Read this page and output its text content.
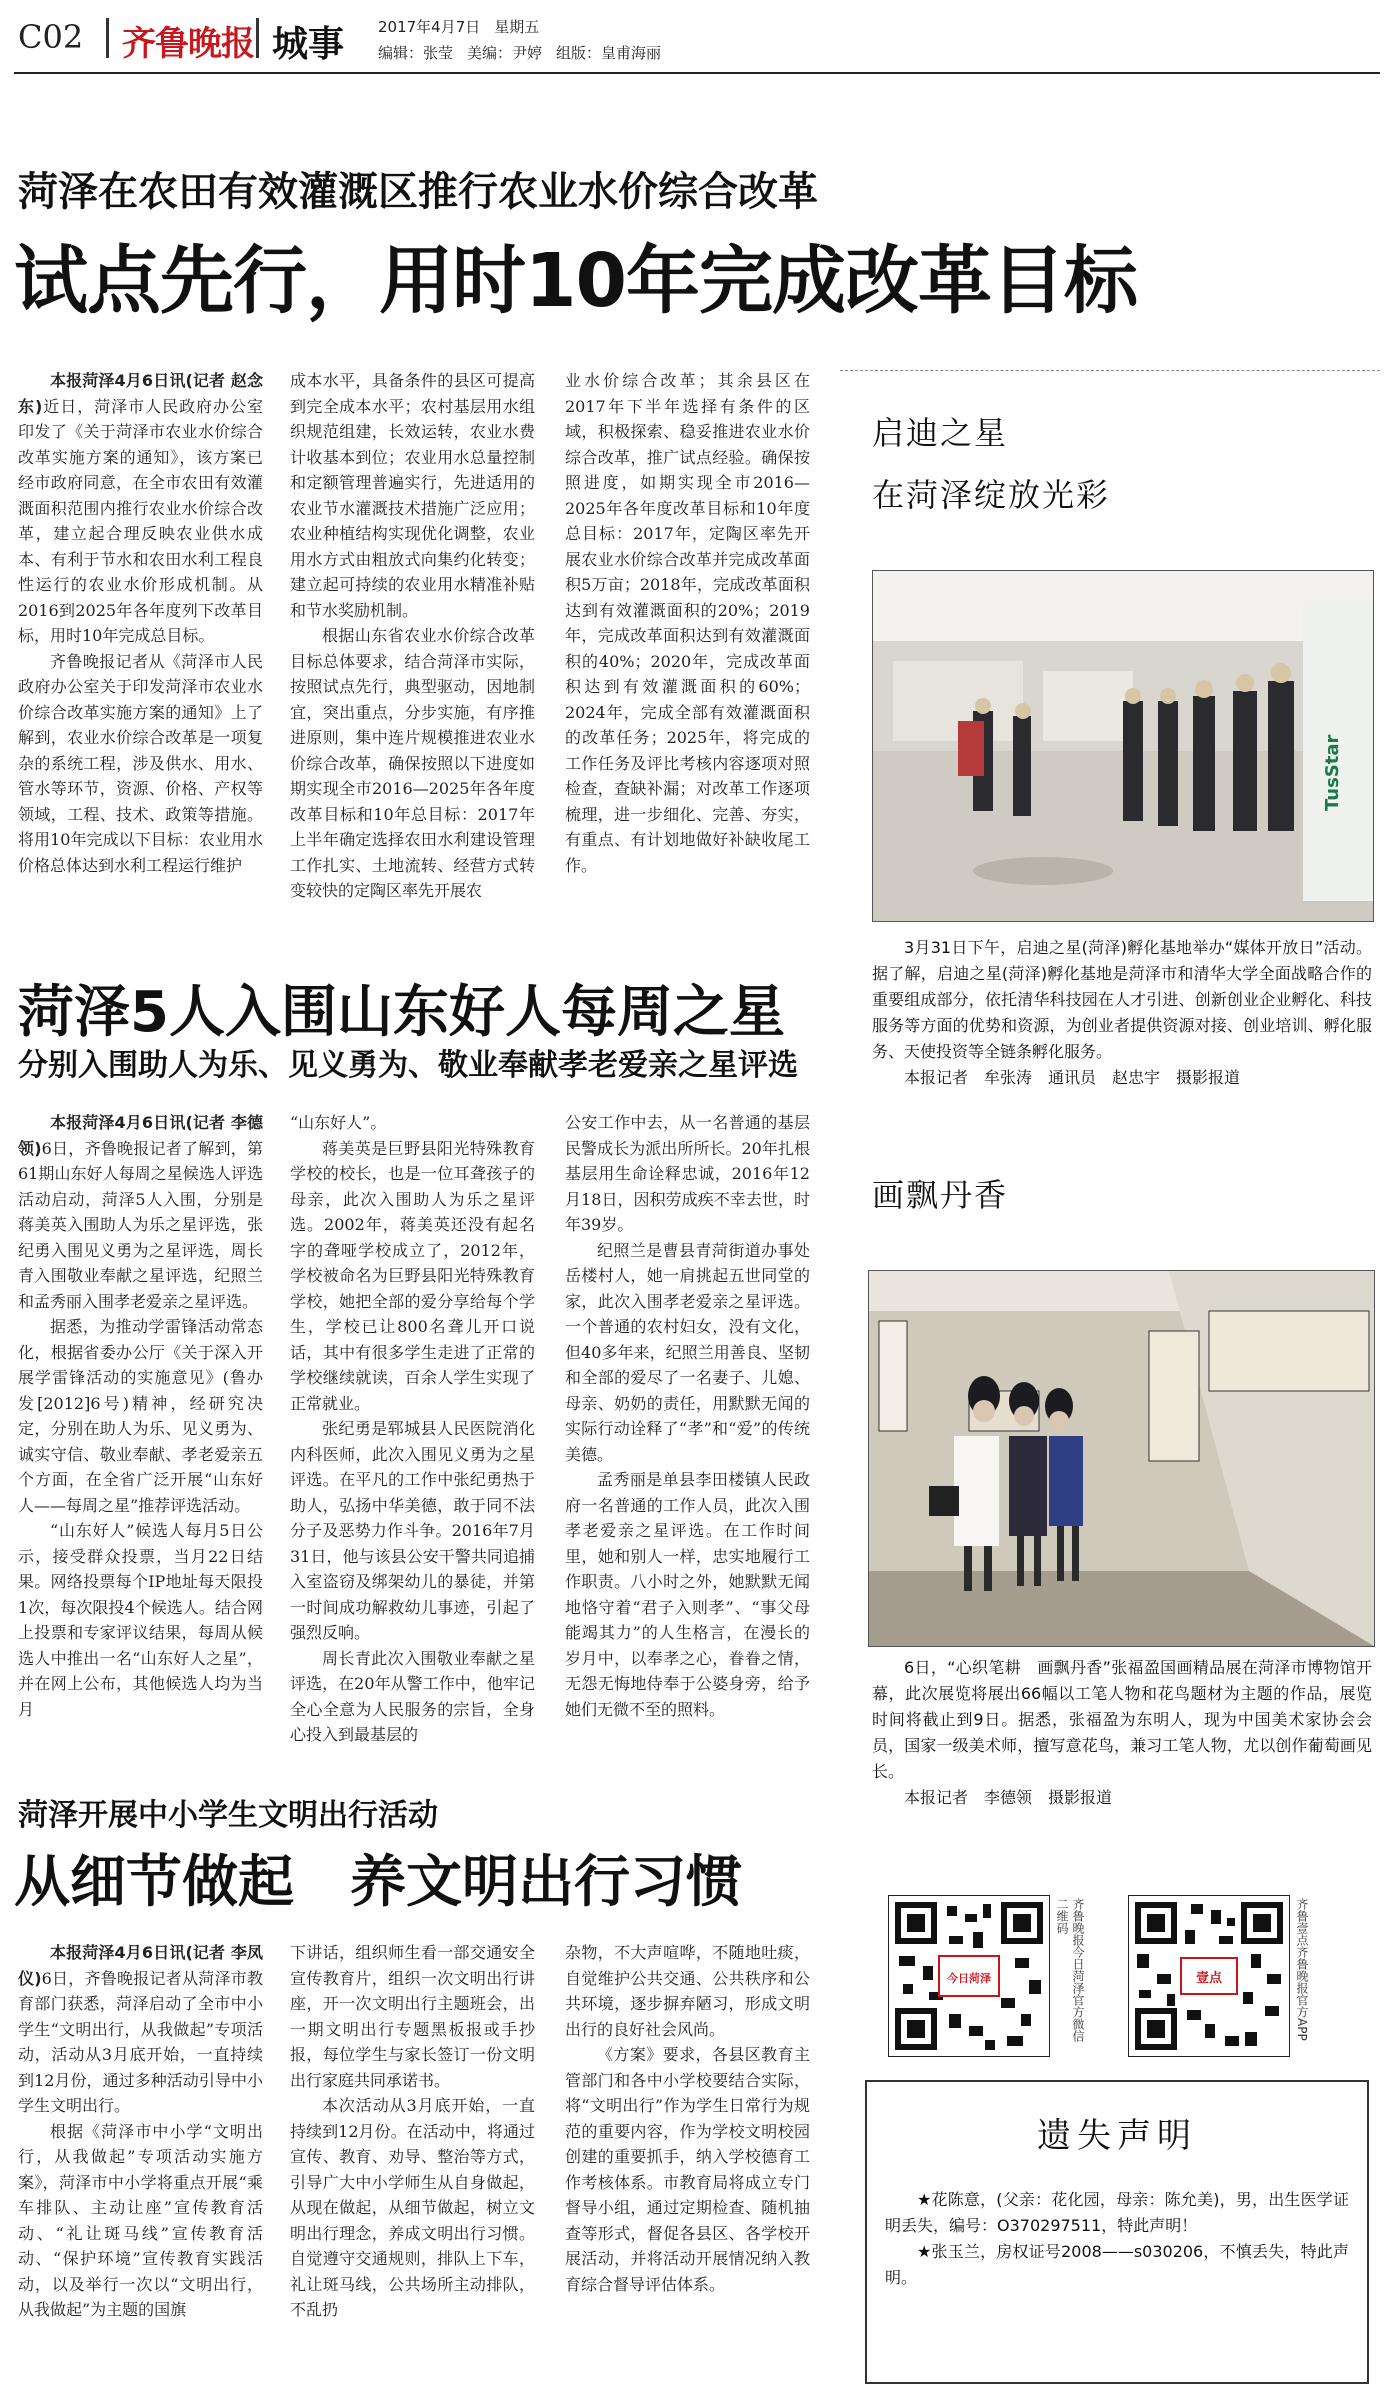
C02 齐鲁晚报 城事 2017年4月7日 星期五
编辑：张莹 美编：尹婷 组版：皇甫海丽
菏泽在农田有效灌溉区推行农业水价综合改革
试点先行，用时10年完成改革目标

本报菏泽4月6日讯(记者 赵念东)近日，菏泽市人民政府办公室印发了《关于菏泽市农业水价综合改革实施方案的通知》，该方案已经市政府同意，在全市农田有效灌溉面积范围内推行农业水价综合改革，建立起合理反映农业供水成本、有利于节水和农田水利工程良性运行的农业水价形成机制。从2016到2025年各年度列下改革目标，用时10年完成总目标。

齐鲁晚报记者从《菏泽市人民政府办公室关于印发菏泽市农业水价综合改革实施方案的通知》上了解到，农业水价综合改革是一项复杂的系统工程，涉及供水、用水、管水等环节，资源、价格、产权等领域，工程、技术、政策等措施。将用10年完成以下目标：农业用水价格总体达到水利工程运行维护

成本水平，具备条件的县区可提高到完全成本水平；农村基层用水组织规范组建，长效运转，农业水费计收基本到位；农业用水总量控制和定额管理普遍实行，先进适用的农业节水灌溉技术措施广泛应用；农业种植结构实现优化调整，农业用水方式由粗放式向集约化转变；建立起可持续的农业用水精准补贴和节水奖励机制。

根据山东省农业水价综合改革目标总体要求，结合菏泽市实际，按照试点先行，典型驱动，因地制宜，突出重点，分步实施，有序推进原则，集中连片规模推进农业水价综合改革，确保按照以下进度如期实现全市2016—2025年各年度改革目标和10年总目标：2017年上半年确定选择农田水利建设管理工作扎实、土地流转、经营方式转变较快的定陶区率先开展农

业水价综合改革；其余县区在2017年下半年选择有条件的区域，积极探索、稳妥推进农业水价综合改革，推广试点经验。确保按照进度，如期实现全市2016—2025年各年度改革目标和10年度总目标：2017年，定陶区率先开展农业水价综合改革并完成改革面积5万亩；2018年，完成改革面积达到有效灌溉面积的20%；2019年，完成改革面积达到有效灌溉面积的40%；2020年，完成改革面积达到有效灌溉面积的60%；2024年，完成全部有效灌溉面积的改革任务；2025年，将完成的工作任务及评比考核内容逐项对照检查，查缺补漏；对改革工作逐项梳理，进一步细化、完善、夯实，有重点、有计划地做好补缺收尾工作。

启迪之星
在菏泽绽放光彩
TusStar

3月31日下午，启迪之星(菏泽)孵化基地举办“媒体开放日”活动。据了解，启迪之星(菏泽)孵化基地是菏泽市和清华大学全面战略合作的重要组成部分，依托清华科技园在人才引进、创新创业企业孵化、科技服务等方面的优势和资源，为创业者提供资源对接、创业培训、孵化服务、天使投资等全链条孵化服务。

本报记者　牟张涛　通讯员　赵忠宇　摄影报道

菏泽5人入围山东好人每周之星
分别入围助人为乐、见义勇为、敬业奉献孝老爱亲之星评选

本报菏泽4月6日讯(记者 李德领)6日，齐鲁晚报记者了解到，第61期山东好人每周之星候选人评选活动启动，菏泽5人入围，分别是蒋美英入围助人为乐之星评选，张纪勇入围见义勇为之星评选，周长青入围敬业奉献之星评选，纪照兰和孟秀丽入围孝老爱亲之星评选。

据悉，为推动学雷锋活动常态化，根据省委办公厅《关于深入开展学雷锋活动的实施意见》(鲁办发[2012]6号)精神，经研究决定，分别在助人为乐、见义勇为、诚实守信、敬业奉献、孝老爱亲五个方面，在全省广泛开展“山东好人——每周之星”推荐评选活动。

“山东好人”候选人每月5日公示，接受群众投票，当月22日结果。网络投票每个IP地址每天限投1次，每次限投4个候选人。结合网上投票和专家评议结果，每周从候选人中推出一名“山东好人之星”，并在网上公布，其他候选人均为当月

“山东好人”。

蒋美英是巨野县阳光特殊教育学校的校长，也是一位耳聋孩子的母亲，此次入围助人为乐之星评选。2002年，蒋美英还没有起名字的聋哑学校成立了，2012年，学校被命名为巨野县阳光特殊教育学校，她把全部的爱分享给每个学生，学校已让800名聋儿开口说话，其中有很多学生走进了正常的学校继续就读，百余人学生实现了正常就业。

张纪勇是郓城县人民医院消化内科医师，此次入围见义勇为之星评选。在平凡的工作中张纪勇热于助人，弘扬中华美德，敢于同不法分子及恶势力作斗争。2016年7月31日，他与该县公安干警共同追捕入室盗窃及绑架幼儿的暴徒，并第一时间成功解救幼儿事迹，引起了强烈反响。

周长青此次入围敬业奉献之星评选，在20年从警工作中，他牢记全心全意为人民服务的宗旨，全身心投入到最基层的

公安工作中去，从一名普通的基层民警成长为派出所所长。20年扎根基层用生命诠释忠诚，2016年12月18日，因积劳成疾不幸去世，时年39岁。

纪照兰是曹县青菏街道办事处岳楼村人，她一肩挑起五世同堂的家，此次入围孝老爱亲之星评选。一个普通的农村妇女，没有文化，但40多年来，纪照兰用善良、坚韧和全部的爱尽了一名妻子、儿媳、母亲、奶奶的责任，用默默无闻的实际行动诠释了“孝”和“爱”的传统美德。

孟秀丽是单县李田楼镇人民政府一名普通的工作人员，此次入围孝老爱亲之星评选。在工作时间里，她和别人一样，忠实地履行工作职责。八小时之外，她默默无闻地恪守着“君子入则孝”、“事父母能竭其力”的人生格言，在漫长的岁月中，以奉孝之心，眷眷之情，无怨无悔地侍奉于公婆身旁，给予她们无微不至的照料。

画飘丹香

6日，“心织笔耕　画飘丹香”张福盈国画精品展在菏泽市博物馆开幕，此次展览将展出66幅以工笔人物和花鸟题材为主题的作品，展览时间将截止到9日。据悉，张福盈为东明人，现为中国美术家协会会员，国家一级美术师，擅写意花鸟，兼习工笔人物，尤以创作葡萄画见长。

本报记者　李德领　摄影报道

菏泽开展中小学生文明出行活动
从细节做起　养文明出行习惯

本报菏泽4月6日讯(记者 李凤仪)6日，齐鲁晚报记者从菏泽市教育部门获悉，菏泽启动了全市中小学生“文明出行，从我做起”专项活动，活动从3月底开始，一直持续到12月份，通过多种活动引导中小学生文明出行。

根据《菏泽市中小学“文明出行，从我做起”专项活动实施方案》，菏泽市中小学将重点开展“乘车排队、主动让座”宣传教育活动、“礼让斑马线”宣传教育活动、“保护环境”宣传教育实践活动，以及举行一次以“文明出行，从我做起”为主题的国旗

下讲话，组织师生看一部交通安全宣传教育片，组织一次文明出行讲座，开一次文明出行主题班会，出一期文明出行专题黑板报或手抄报，每位学生与家长签订一份文明出行家庭共同承诺书。

本次活动从3月底开始，一直持续到12月份。在活动中，将通过宣传、教育、劝导、整治等方式，引导广大中小学师生从自身做起，从现在做起，从细节做起，树立文明出行理念，养成文明出行习惯。自觉遵守交通规则，排队上下车，礼让斑马线，公共场所主动排队，不乱扔

杂物，不大声喧哗，不随地吐痰，自觉维护公共交通、公共秩序和公共环境，逐步摒弃陋习，形成文明出行的良好社会风尚。

《方案》要求，各县区教育主管部门和各中小学校要结合实际，将“文明出行”作为学生日常行为规范的重要内容，作为学校文明校园创建的重要抓手，纳入学校德育工作考核体系。市教育局将成立专门督导小组，通过定期检查、随机抽查等形式，督促各县区、各学校开展活动，并将活动开展情况纳入教育综合督导评估体系。

今日菏泽	齐鲁晚报今日菏泽官方微信二维码
壹点	齐鲁壹点齐鲁晚报官方APP
遗失声明

★花陈意，(父亲：花化园，母亲：陈允美)，男，出生医学证明丢失，编号：O370297511，特此声明！

★张玉兰，房权证号2008——s030206，不慎丢失，特此声明。
